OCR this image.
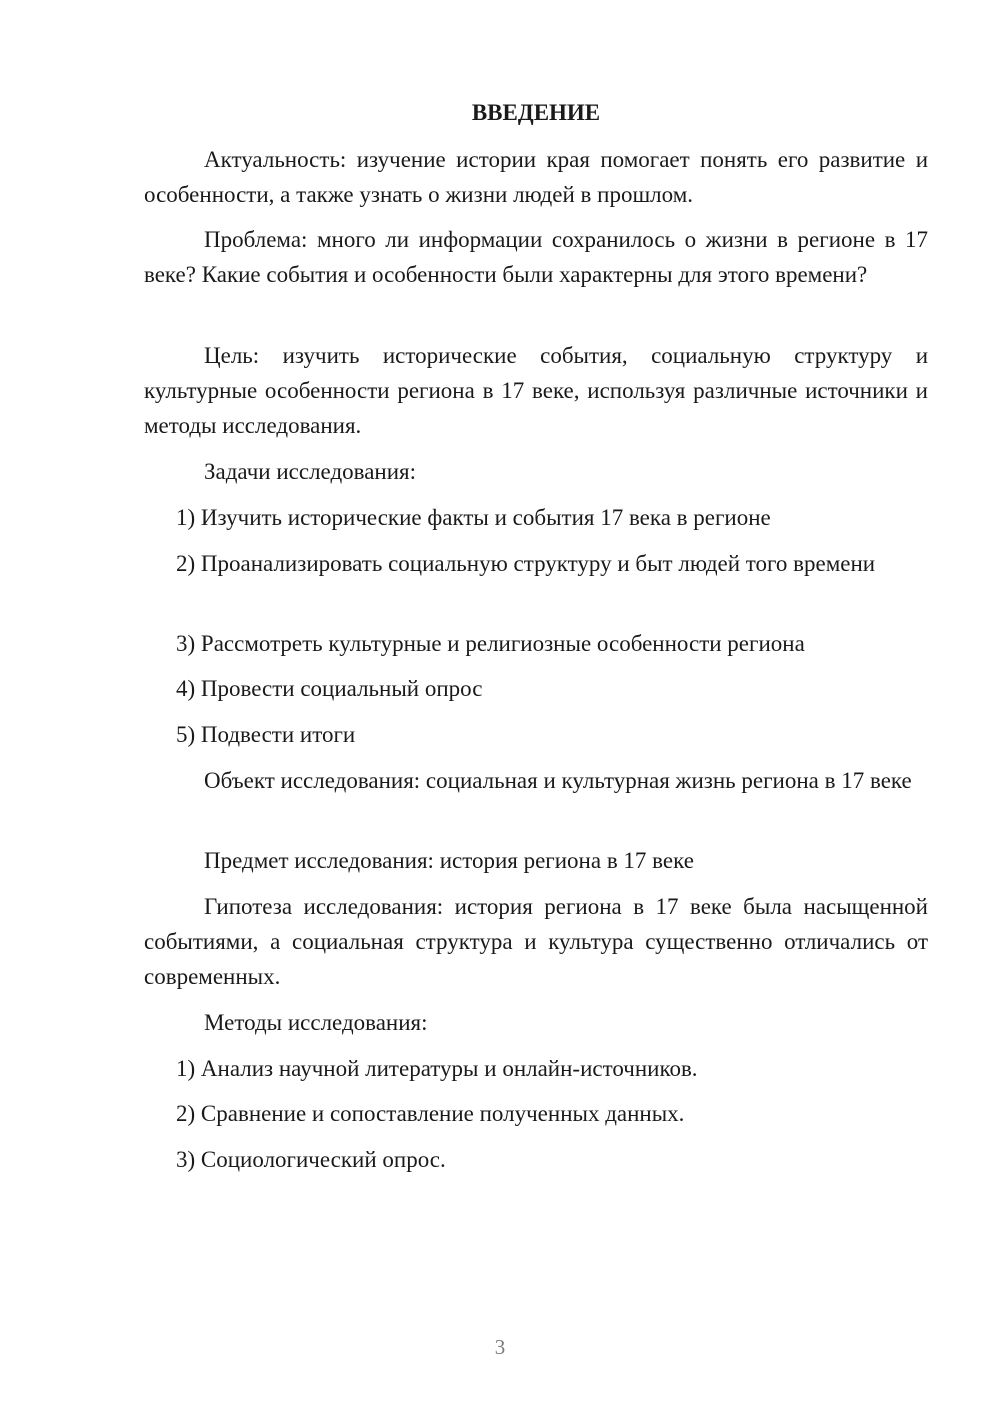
ВВЕДЕНИЕ

Актуальность: изучение истории края помогает понять его развитие и особенности, а также узнать о жизни людей в прошлом.

Проблема: много ли информации сохранилось о жизни в регионе в 17 веке? Какие события и особенности были характерны для этого времени?

Цель: изучить исторические события, социальную структуру и культурные особенности региона в 17 веке, используя различные источники и методы исследования.

Задачи исследования:

1) Изучить исторические факты и события 17 века в регионе

2) Проанализировать социальную структуру и быт людей того времени

3) Рассмотреть культурные и религиозные особенности региона

4) Провести социальный опрос

5) Подвести итоги

Объект исследования: социальная и культурная жизнь региона в 17 веке

Предмет исследования: история региона в 17 веке

Гипотеза исследования: история региона в 17 веке была насыщенной событиями, а социальная структура и культура существенно отличались от современных.

Методы исследования:

1) Анализ научной литературы и онлайн-источников.

2) Сравнение и сопоставление полученных данных.

3) Социологический опрос.

3
